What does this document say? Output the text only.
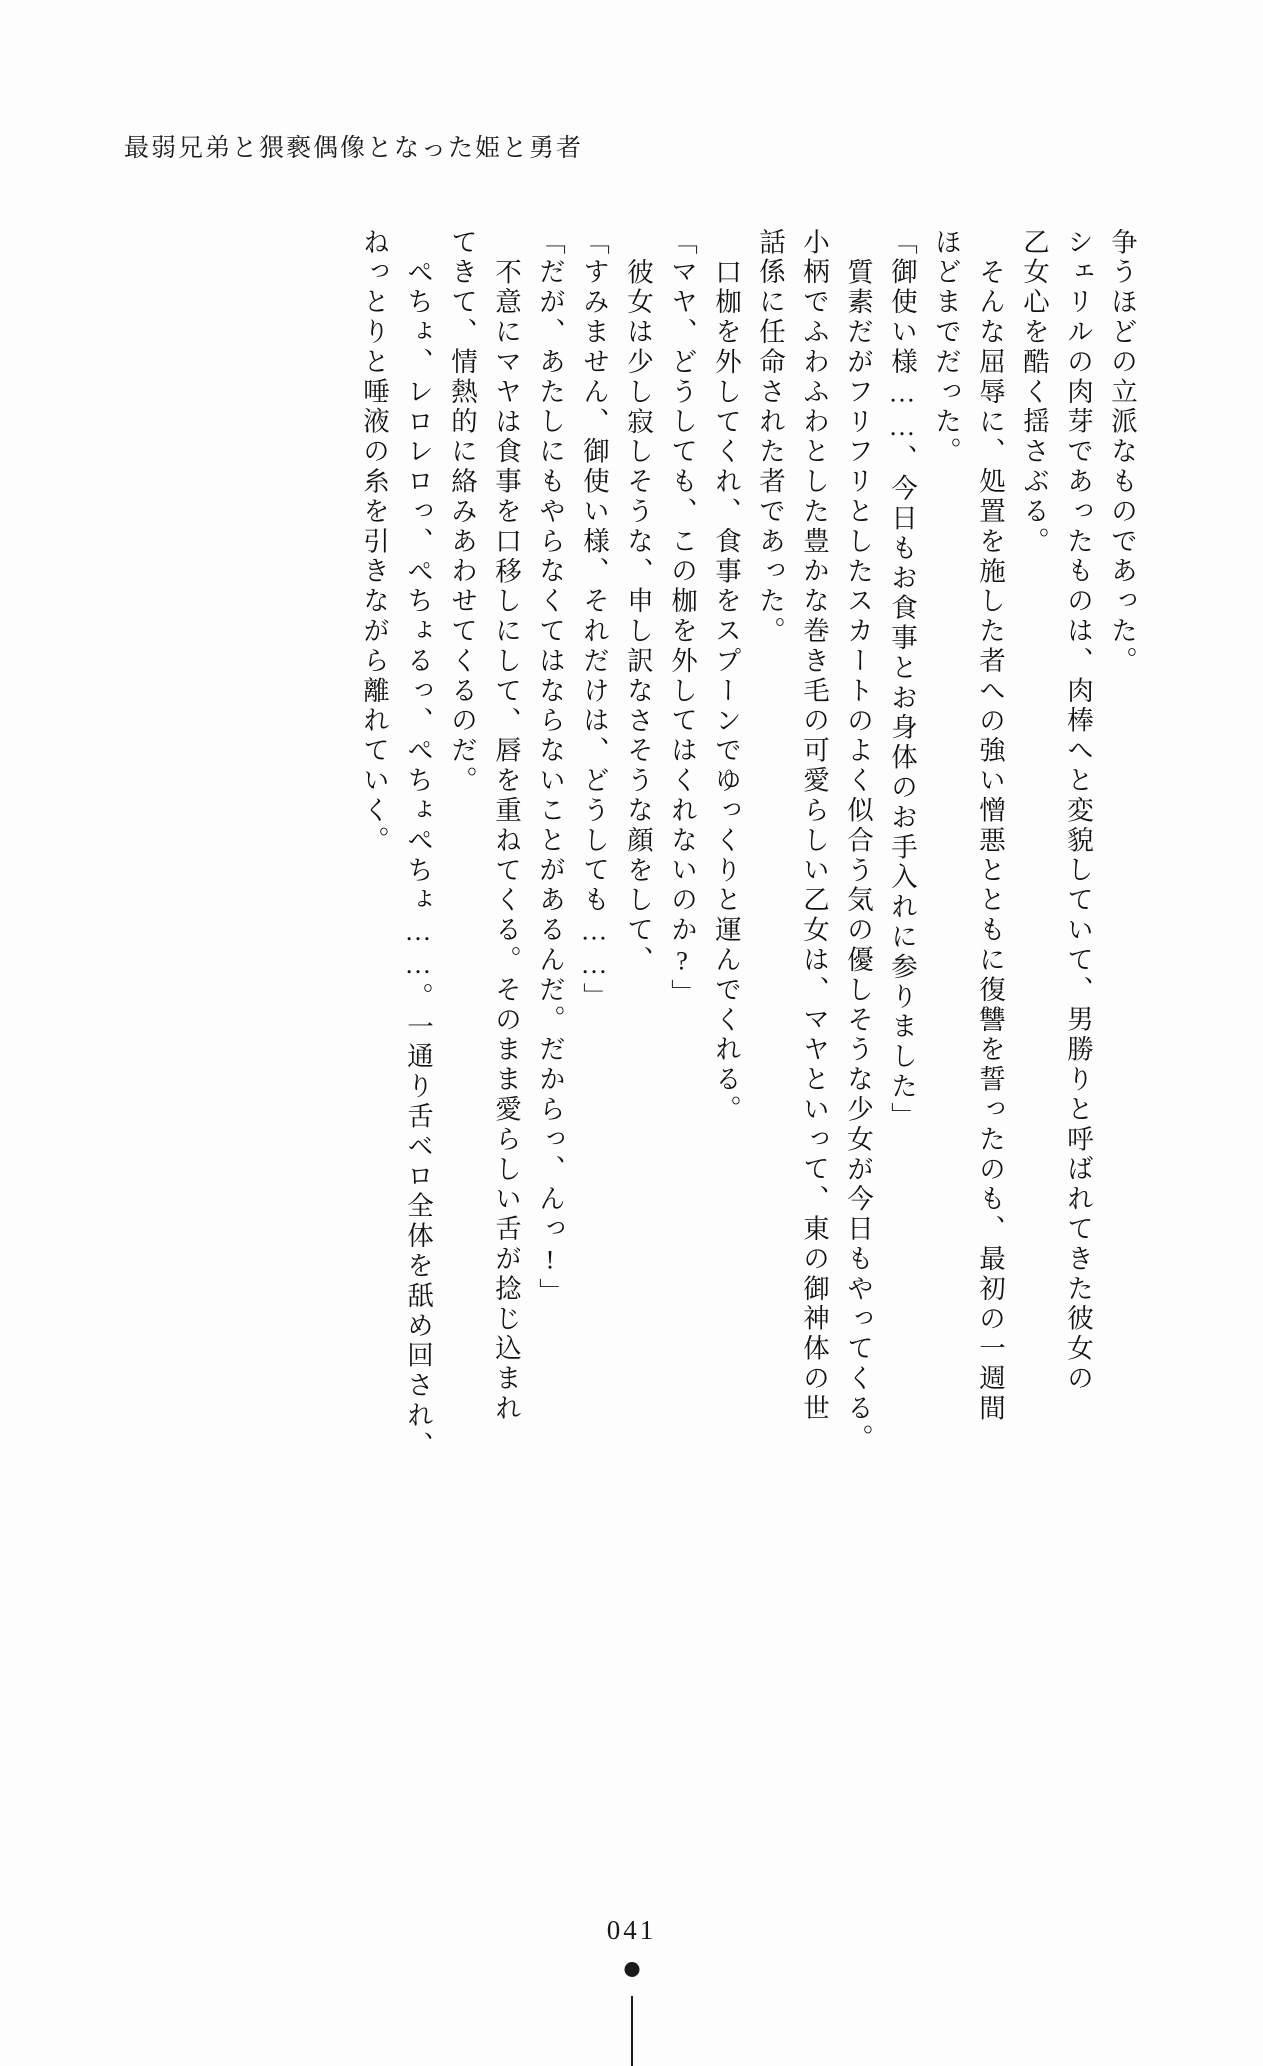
最弱兄弟と猥褻偶像となった姫と勇者
争うほどの立派なものであった。
シェリルの肉芽であったものは、肉棒へと変貌していて、男勝りと呼ばれてきた彼女の
乙女心を酷く揺さぶる。
そんな屈辱に、処置を施した者への強い憎悪とともに復讐を誓ったのも、最初の一週間
ほどまでだった。
「御使い様……、今日もお食事とお身体のお手入れに参りました」
質素だがフリフリとしたスカートのよく似合う気の優しそうな少女が今日もやってくる。
小柄でふわふわとした豊かな巻き毛の可愛らしい乙女は、マヤといって、東の御神体の世
話係に任命された者であった。
口枷を外してくれ、食事をスプーンでゆっくりと運んでくれる。
「マヤ、どうしても、この枷を外してはくれないのか?」
彼女は少し寂しそうな、申し訳なさそうな顔をして、
「すみません、御使い様、それだけは、どうしても……」
「だが、あたしにもやらなくてはならないことがあるんだ。だからっ、んっ!」
不意にマヤは食事を口移しにして、唇を重ねてくる。そのまま愛らしい舌が捻じ込まれ
てきて、情熱的に絡みあわせてくるのだ。
ぺちょ、レロレロっ、ぺちょるっ、ぺちょぺちょ……。一通り舌ベロ全体を舐め回され、
ねっとりと唾液の糸を引きながら離れていく。
041
